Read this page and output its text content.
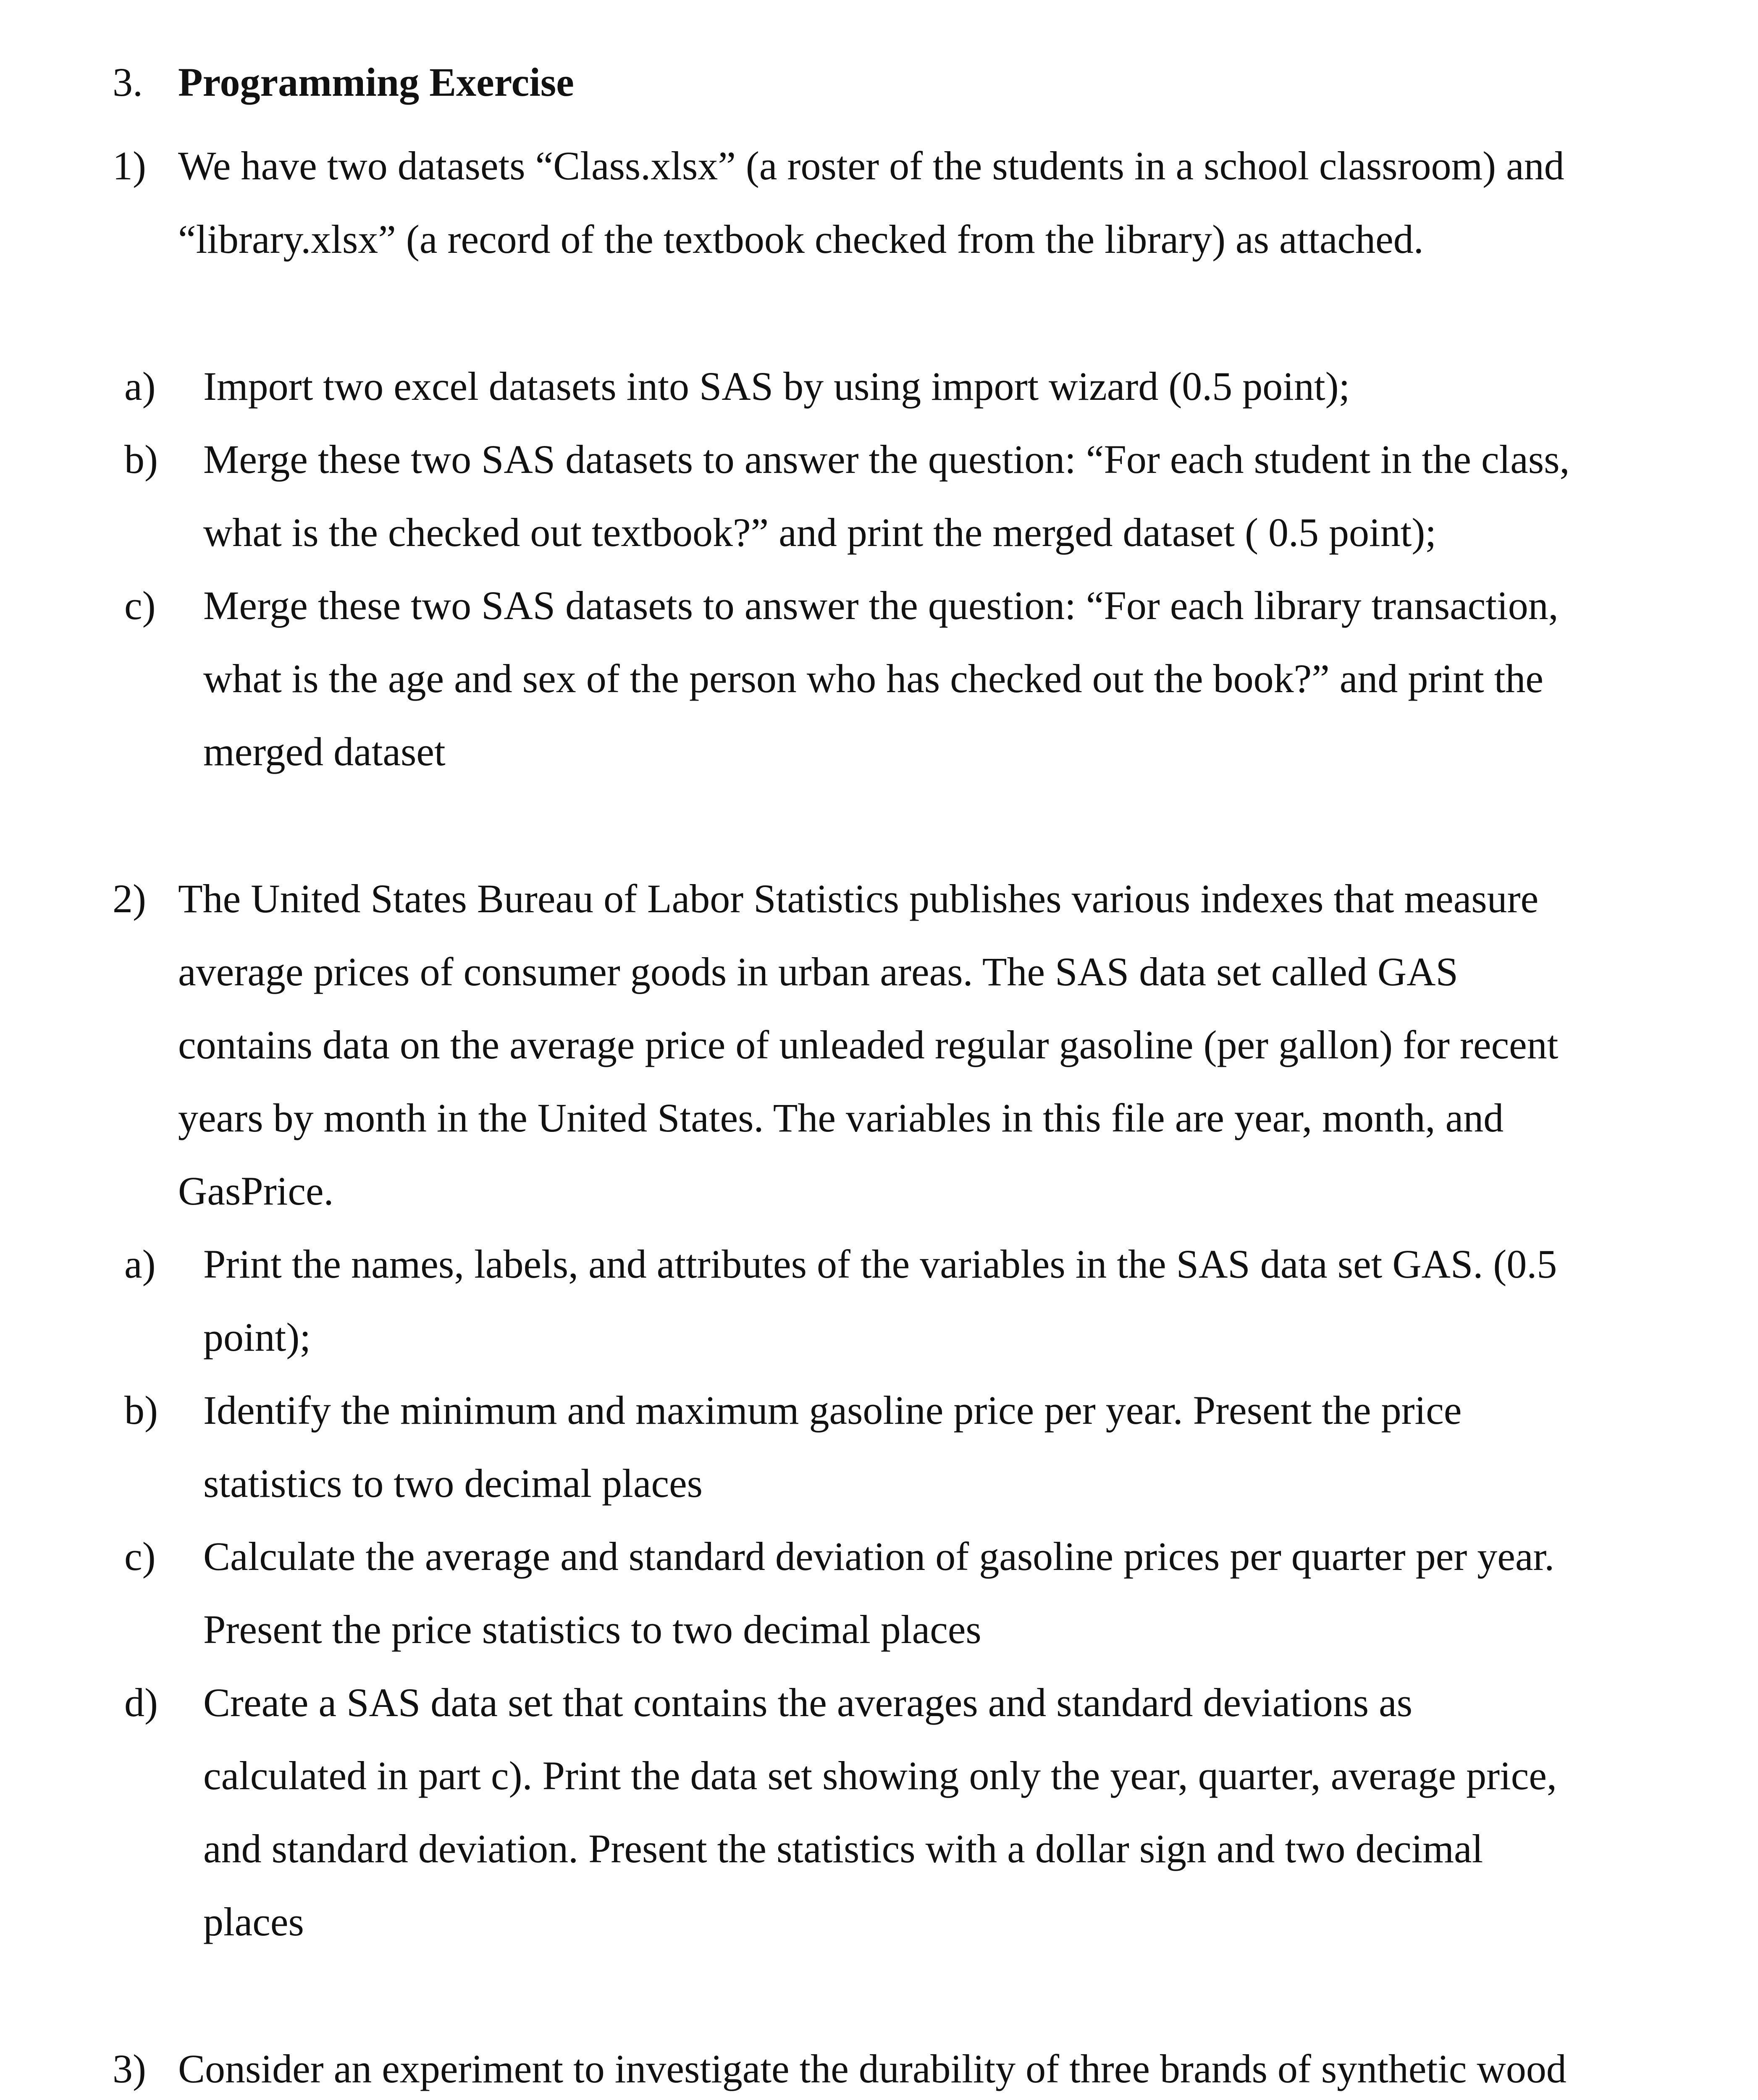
3. Programming Exercise
1) We have two datasets “Class.xlsx” (a roster of the students in a school classroom) and
“library.xlsx” (a record of the textbook checked from the library) as attached.
a) Import two excel datasets into SAS by using import wizard (0.5 point);
b) Merge these two SAS datasets to answer the question: “For each student in the class,
what is the checked out textbook?” and print the merged dataset ( 0.5 point);
c) Merge these two SAS datasets to answer the question: “For each library transaction,
what is the age and sex of the person who has checked out the book?” and print the
merged dataset
2) The United States Bureau of Labor Statistics publishes various indexes that measure
average prices of consumer goods in urban areas. The SAS data set called GAS
contains data on the average price of unleaded regular gasoline (per gallon) for recent
years by month in the United States. The variables in this file are year, month, and
GasPrice.
a) Print the names, labels, and attributes of the variables in the SAS data set GAS. (0.5
point);
b) Identify the minimum and maximum gasoline price per year. Present the price
statistics to two decimal places
c) Calculate the average and standard deviation of gasoline prices per quarter per year.
Present the price statistics to two decimal places
d) Create a SAS data set that contains the averages and standard deviations as
calculated in part c). Print the data set showing only the year, quarter, average price,
and standard deviation. Present the statistics with a dollar sign and two decimal
places
3) Consider an experiment to investigate the durability of three brands of synthetic wood
